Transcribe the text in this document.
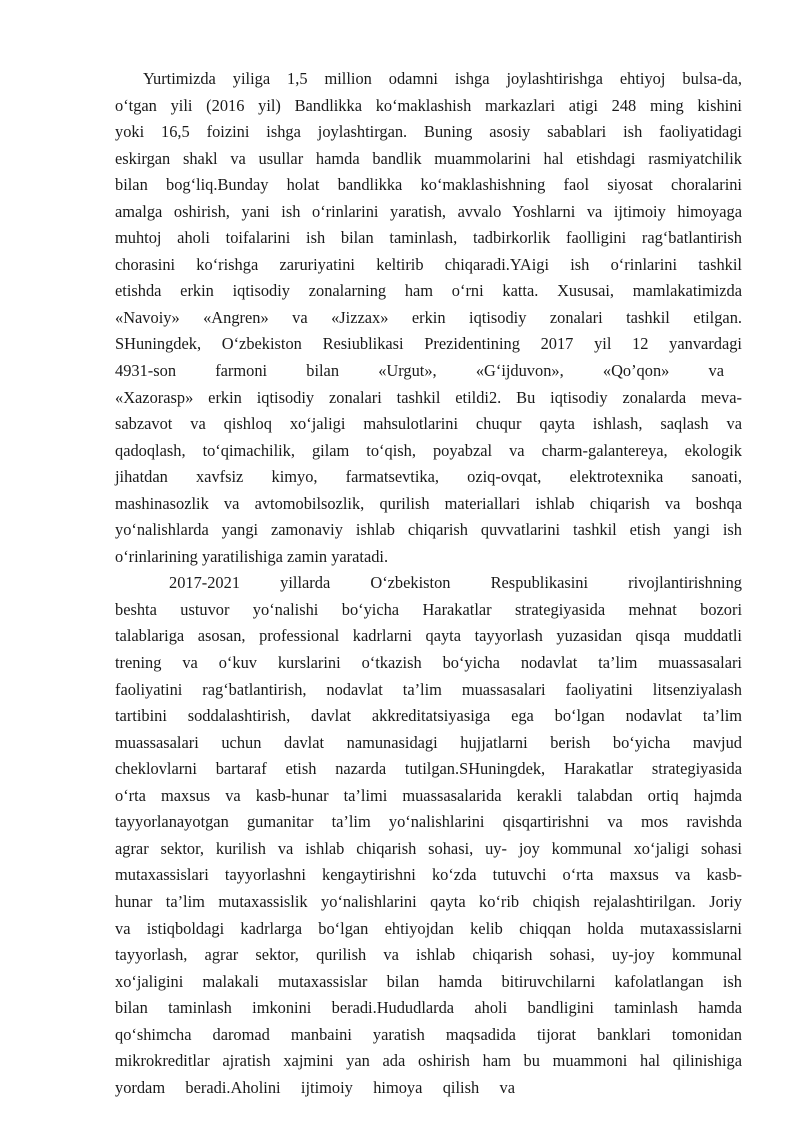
Yurtimizda yiliga 1,5 million odamni ishga joylashtirishga ehtiyoj bulsa-da,
o‘tgan yili (2016 yil) Bandlikka ko‘maklashish markazlari atigi 248 ming kishini
yoki 16,5 foizini ishga joylashtirgan. Buning asosiy sabablari ish faoliyatidagi
eskirgan shakl va usullar hamda bandlik muammolarini hal etishdagi rasmiyatchilik
bilan bog‘liq.Bunday holat bandlikka ko‘maklashishning faol siyosat choralarini
amalga oshirish, yani ish o‘rinlarini yaratish, avvalo Yoshlarni va ijtimoiy himoyaga
muhtoj aholi toifalarini ish bilan taminlash, tadbirkorlik faolligini rag‘batlantirish
chorasini ko‘rishga zaruriyatini keltirib chiqaradi.YAigi ish o‘rinlarini tashkil
etishda erkin iqtisodiy zonalarning ham o‘rni katta. Xususai, mamlakatimizda
«Navoiy» «Angren» va «Jizzax» erkin iqtisodiy zonalari tashkil etilgan.
SHuningdek, O‘zbekiston Resiublikasi Prezidentining 2017 yil 12 yanvardagi
4931-son farmoni bilan «Urgut», «G‘ijduvon», «Qo’qon» va
«Xazorasp» erkin iqtisodiy zonalari tashkil etildi2. Bu iqtisodiy zonalarda meva-
sabzavot va qishloq xo‘jaligi mahsulotlarini chuqur qayta ishlash, saqlash va
qadoqlash, to‘qimachilik, gilam to‘qish, poyabzal va charm-galantereya, ekologik
jihatdan xavfsiz kimyo, farmatsevtika, oziq-ovqat, elektrotexnika sanoati,
mashinasozlik va avtomobilsozlik, qurilish materiallari ishlab chiqarish va boshqa
yo‘nalishlarda yangi zamonaviy ishlab chiqarish quvvatlarini tashkil etish yangi ish
o‘rinlarining yaratilishiga zamin yaratadi.
2017-2021 yillarda O‘zbekiston Respublikasini rivojlantirishning
beshta ustuvor yo‘nalishi bo‘yicha Harakatlar strategiyasida mehnat bozori
talablariga asosan, professional kadrlarni qayta tayyorlash yuzasidan qisqa muddatli
trening va o‘kuv kurslarini o‘tkazish bo‘yicha nodavlat ta’lim muassasalari
faoliyatini rag‘batlantirish, nodavlat ta’lim muassasalari faoliyatini litsenziyalash
tartibini soddalashtirish, davlat akkreditatsiyasiga ega bo‘lgan nodavlat ta’lim
muassasalari uchun davlat namunasidagi hujjatlarni berish bo‘yicha mavjud
cheklovlarni bartaraf etish nazarda tutilgan.SHuningdek, Harakatlar strategiyasida
o‘rta maxsus va kasb-hunar ta’limi muassasalarida kerakli talabdan ortiq hajmda
tayyorlanayotgan gumanitar ta’lim yo‘nalishlarini qisqartirishni va mos ravishda
agrar sektor, kurilish va ishlab chiqarish sohasi, uy- joy kommunal xo‘jaligi sohasi
mutaxassislari tayyorlashni kengaytirishni ko‘zda tutuvchi o‘rta maxsus va kasb-
hunar ta’lim mutaxassislik yo‘nalishlarini qayta ko‘rib chiqish rejalashtirilgan. Joriy
va istiqboldagi kadrlarga bo‘lgan ehtiyojdan kelib chiqqan holda mutaxassislarni
tayyorlash, agrar sektor, qurilish va ishlab chiqarish sohasi, uy-joy kommunal
xo‘jaligini malakali mutaxassislar bilan hamda bitiruvchilarni kafolatlangan ish
bilan taminlash imkonini beradi.Hududlarda aholi bandligini taminlash hamda
qo‘shimcha daromad manbaini yaratish maqsadida tijorat banklari tomonidan
mikrokreditlar ajratish xajmini yan ada oshirish ham bu muammoni hal qilinishiga
yordam beradi.Aholini ijtimoiy himoya qilish va
